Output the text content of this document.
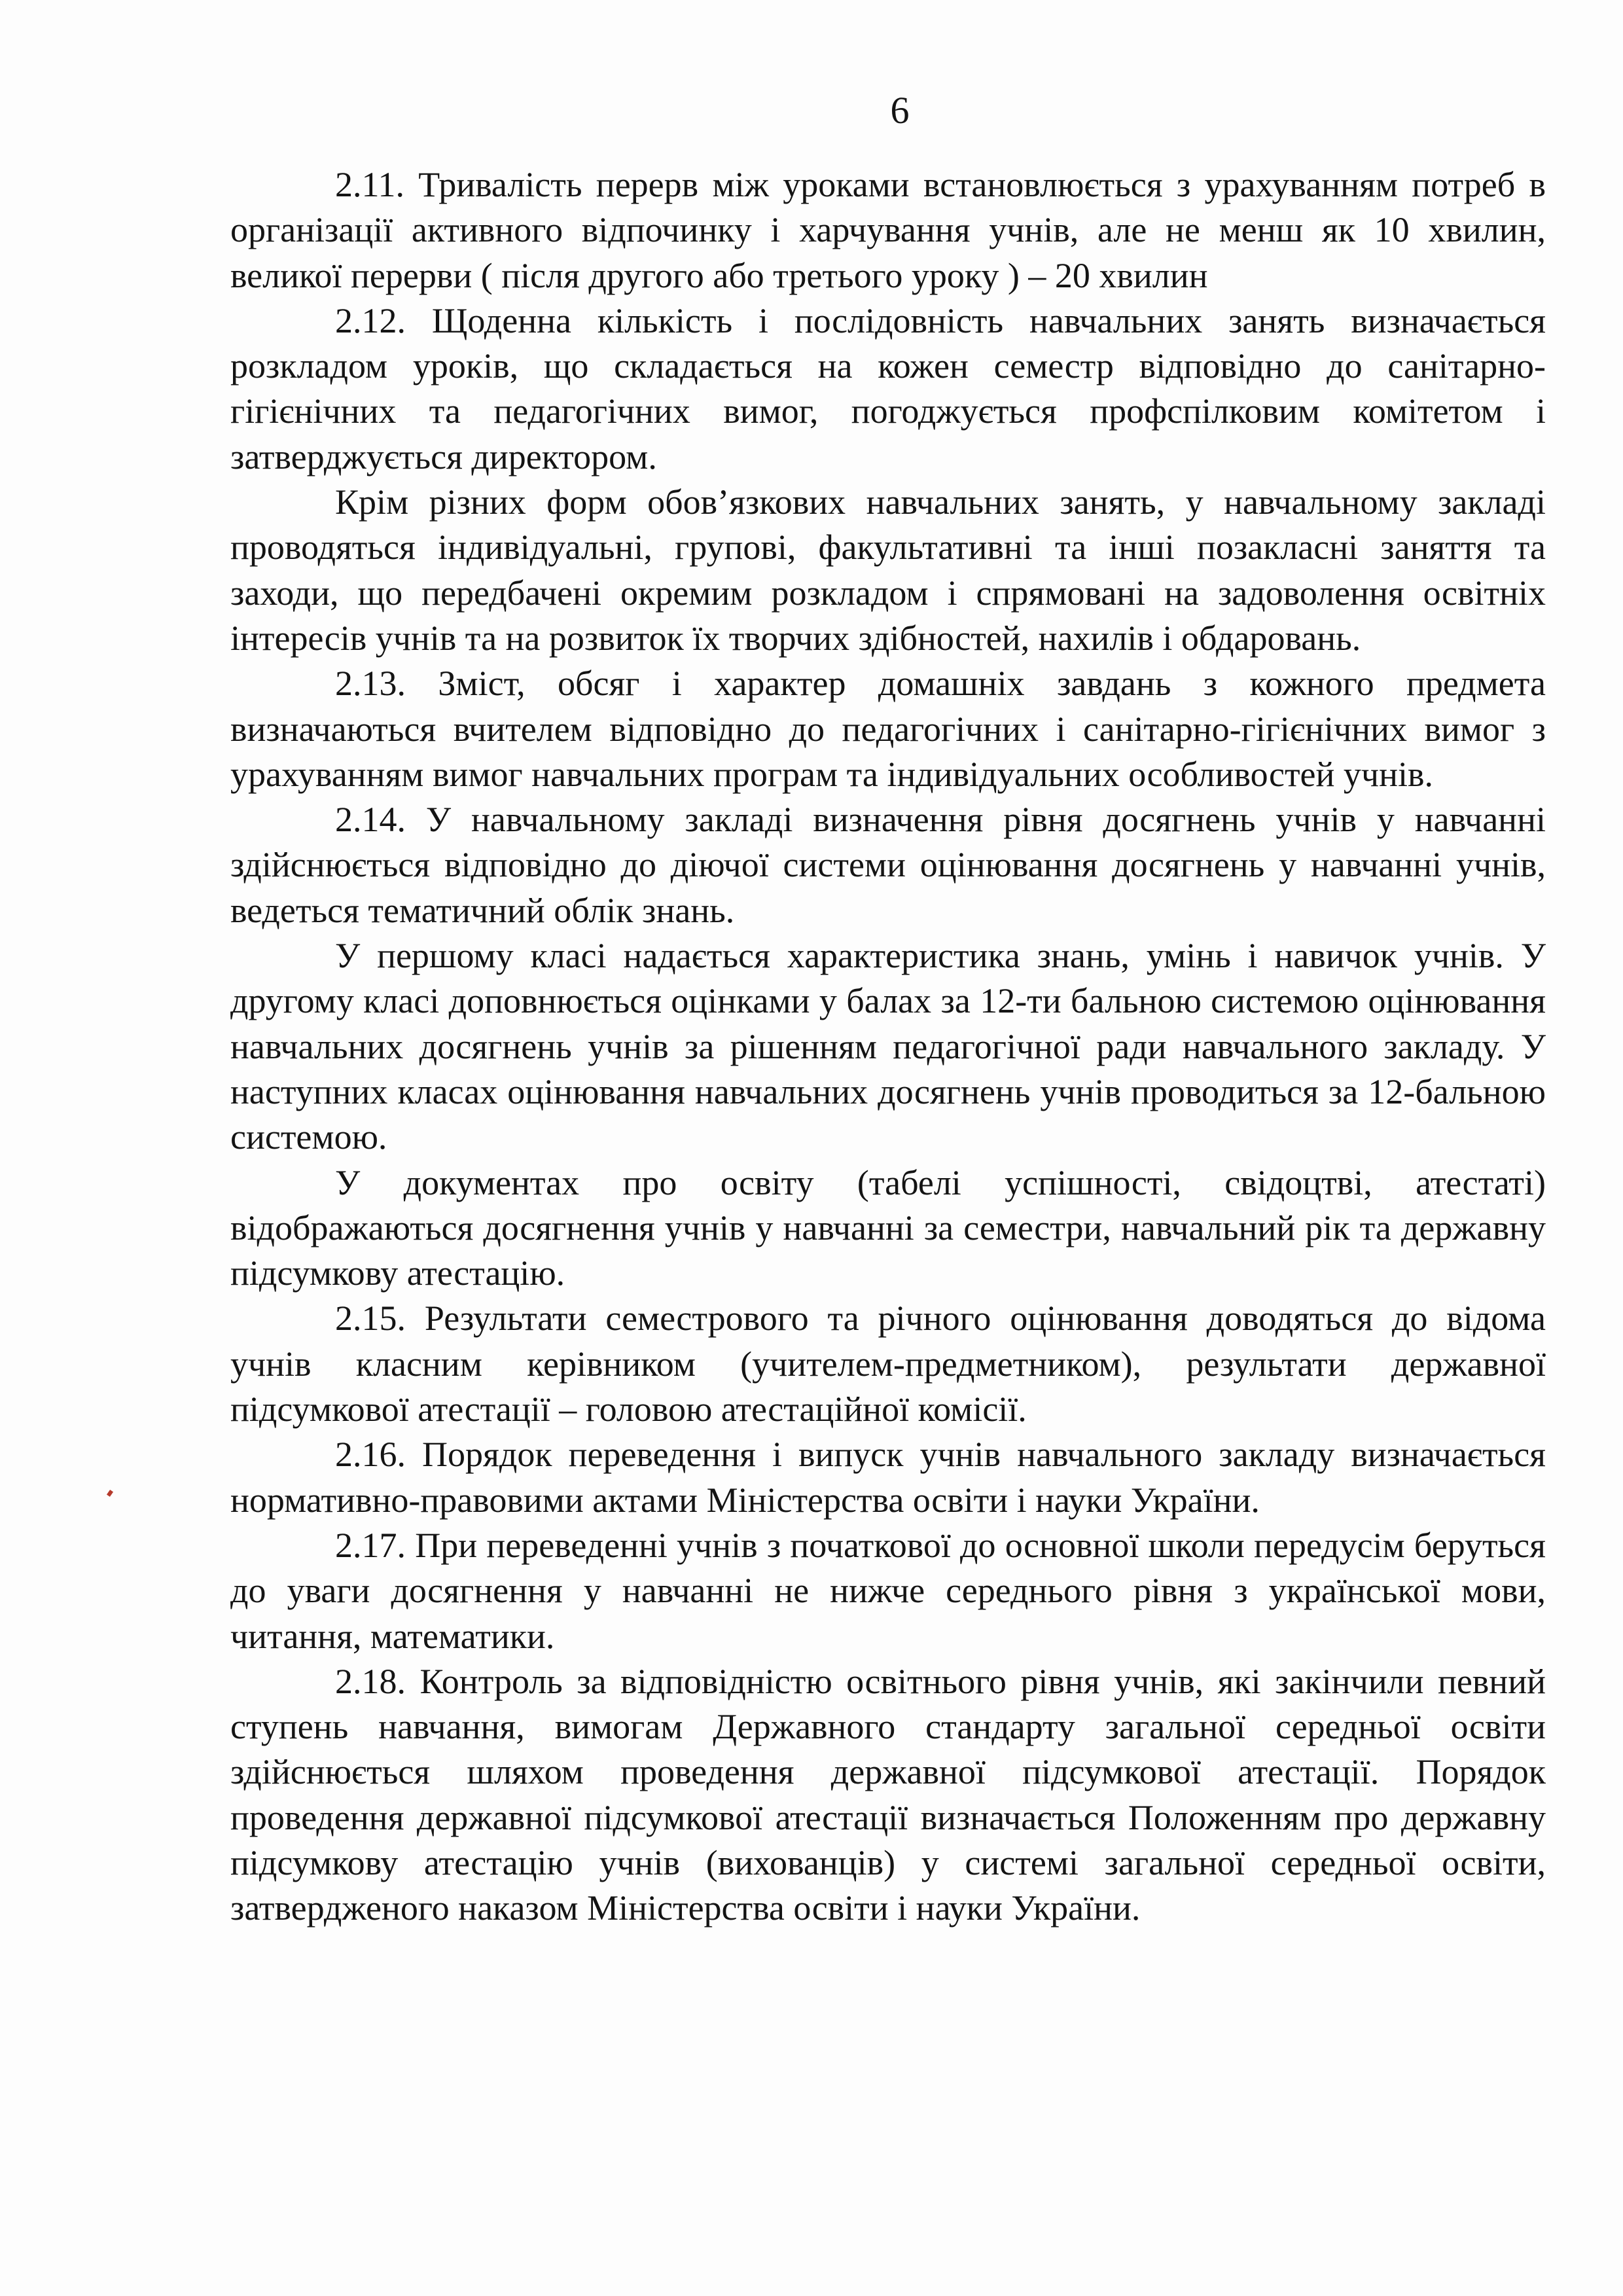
6

2.11. Тривалість перерв між уроками встановлюється з урахуванням потреб в організації активного відпочинку і харчування учнів, але не менш як 10 хвилин, великої перерви ( після другого або третього уроку ) – 20 хвилин

2.12. Щоденна кількість і послідовність навчальних занять визначається розкладом уроків, що складається на кожен семестр відповідно до санітарно-гігієнічних та педагогічних вимог, погоджується профспілковим комітетом і затверджується директором.

Крім різних форм обов’язкових навчальних занять, у навчальному закладі проводяться індивідуальні, групові, факультативні та інші позакласні заняття та заходи, що передбачені окремим розкладом і спрямовані на задоволення освітніх інтересів учнів та на розвиток їх творчих здібностей, нахилів і обдаровань.

2.13. Зміст, обсяг і характер домашніх завдань з кожного предмета визначаються вчителем відповідно до педагогічних і санітарно-гігієнічних вимог з урахуванням вимог навчальних програм та індивідуальних особливостей учнів.

2.14. У навчальному закладі визначення рівня досягнень учнів у навчанні здійснюється відповідно до діючої системи оцінювання досягнень у навчанні учнів, ведеться тематичний облік знань.

У першому класі надається характеристика знань, умінь і навичок учнів. У другому класі доповнюється оцінками у балах за 12-ти бальною системою оцінювання навчальних досягнень учнів за рішенням педагогічної ради навчального закладу. У наступних класах оцінювання навчальних досягнень учнів проводиться за 12-бальною системою.

У документах про освіту (табелі успішності, свідоцтві, атестаті) відображаються досягнення учнів у навчанні за семестри, навчальний рік та державну підсумкову атестацію.

2.15. Результати семестрового та річного оцінювання доводяться до відома учнів класним керівником (учителем-предметником), результати державної підсумкової атестації – головою атестаційної комісії.

2.16. Порядок переведення і випуск учнів навчального закладу визначається нормативно-правовими актами Міністерства освіти і науки України.

2.17. При переведенні учнів з початкової до основної школи передусім беруться до уваги досягнення у навчанні не нижче середнього рівня з української мови, читання, математики.

2.18. Контроль за відповідністю освітнього рівня учнів, які закінчили певний ступень навчання, вимогам Державного стандарту загальної середньої освіти здійснюється шляхом проведення державної підсумкової атестації. Порядок проведення державної підсумкової атестації визначається Положенням про державну підсумкову атестацію учнів (вихованців) у системі загальної середньої освіти, затвердженого наказом Міністерства освіти і науки України.
